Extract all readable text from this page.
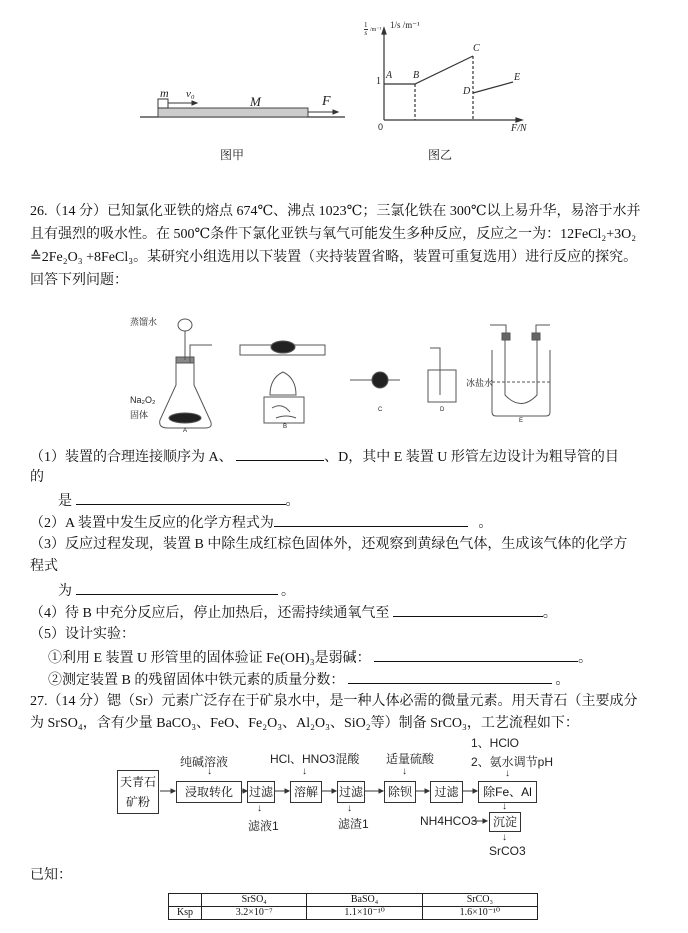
m v₀	M	F
图甲
1/s /m⁻¹
1
s /m⁻¹
F/N
0
1
A B
C
D
E
图乙
26.（14 分）已知氯化亚铁的熔点 674℃、沸点 1023℃；三氯化铁在 300℃以上易升华，易溶于水并
且有强烈的吸水性。在 500℃条件下氯化亚铁与氧气可能发生多种反应，反应之一为：12FeCl₂+3O₂
≙2Fe₂O₃ +8FeCl₃。某研究小组选用以下装置（夹持装置省略，装置可重复选用）进行反应的探究。
回答下列问题：
蒸馏水
Na₂O₂
固体
冰盐水
A
B
C	D
E
（1）装置的合理连接顺序为 A、	、D，其中 E 装置 U 形管左边设计为粗导管的目
的
是	。
（2）A 装置中发生反应的化学方程式为	。
（3）反应过程发现，装置 B 中除生成红棕色固体外，还观察到黄绿色气体，生成该气体的化学方
程式
为	。
（4）待 B 中充分反应后，停止加热后，还需持续通氧气至	。
（5）设计实验：
①利用 E 装置 U 形管里的固体验证 Fe(OH)₃是弱碱：	。
②测定装置 B 的残留固体中铁元素的质量分数：	。
27.（14 分）锶（Sr）元素广泛存在于矿泉水中，是一种人体必需的微量元素。用天青石（主要成分
为 SrSO₄，含有少量 BaCO₃、FeO、Fe₂O₃、Al₂O₃、SiO₂等）制备 SrCO₃，工艺流程如下：
天青石
矿粉
浸取转化	过滤	溶解	过滤	除钡	过滤	除Fe、Al
沉淀
纯碱溶液	HCl、HNO3混酸 适量硫酸
1、HClO
2、氨水调节pH
NH4HCO3
↓	↓	↓	↓
↓	↓	↓
↓
滤液1	滤渣1
SrCO3
已知：
	SrSO₄	BaSO₄	SrCO₃
Ksp	3.2×10⁻⁷	1.1×10⁻¹⁰	1.6×10⁻¹⁰
